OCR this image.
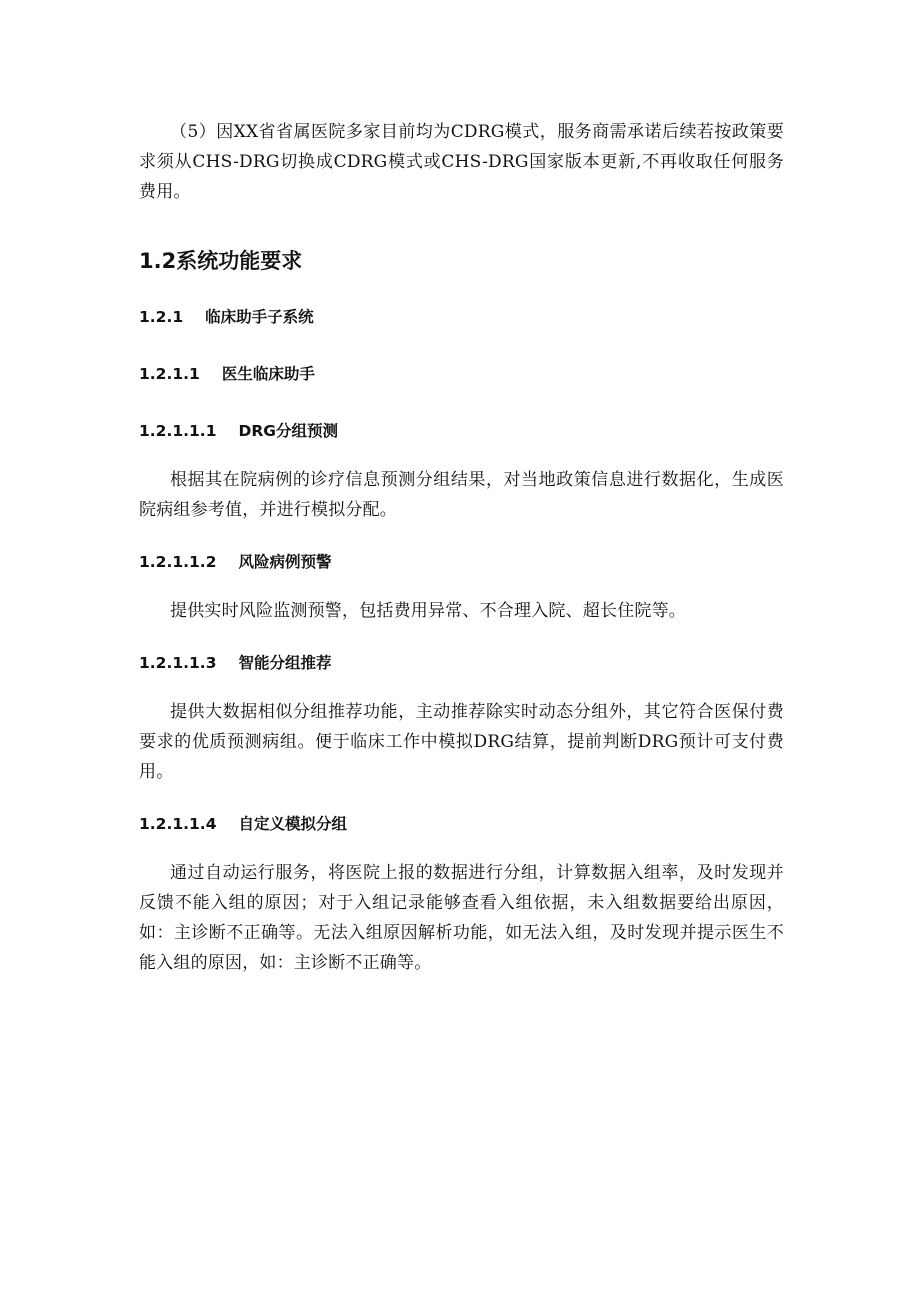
（5）因XX省省属医院多家目前均为CDRG模式，服务商需承诺后续若按政策要求须从CHS-DRG切换成CDRG模式或CHS-DRG国家版本更新,不再收取任何服务费用。

1.2系统功能要求
1.2.1 临床助手子系统
1.2.1.1 医生临床助手
1.2.1.1.1 DRG分组预测

根据其在院病例的诊疗信息预测分组结果，对当地政策信息进行数据化，生成医院病组参考值，并进行模拟分配。

1.2.1.1.2 风险病例预警

提供实时风险监测预警，包括费用异常、不合理入院、超长住院等。

1.2.1.1.3 智能分组推荐

提供大数据相似分组推荐功能，主动推荐除实时动态分组外，其它符合医保付费要求的优质预测病组。便于临床工作中模拟DRG结算，提前判断DRG预计可支付费用。

1.2.1.1.4 自定义模拟分组

通过自动运行服务，将医院上报的数据进行分组，计算数据入组率，及时发现并反馈不能入组的原因；对于入组记录能够查看入组依据，未入组数据要给出原因，如：主诊断不正确等。无法入组原因解析功能，如无法入组，及时发现并提示医生不能入组的原因，如：主诊断不正确等。
